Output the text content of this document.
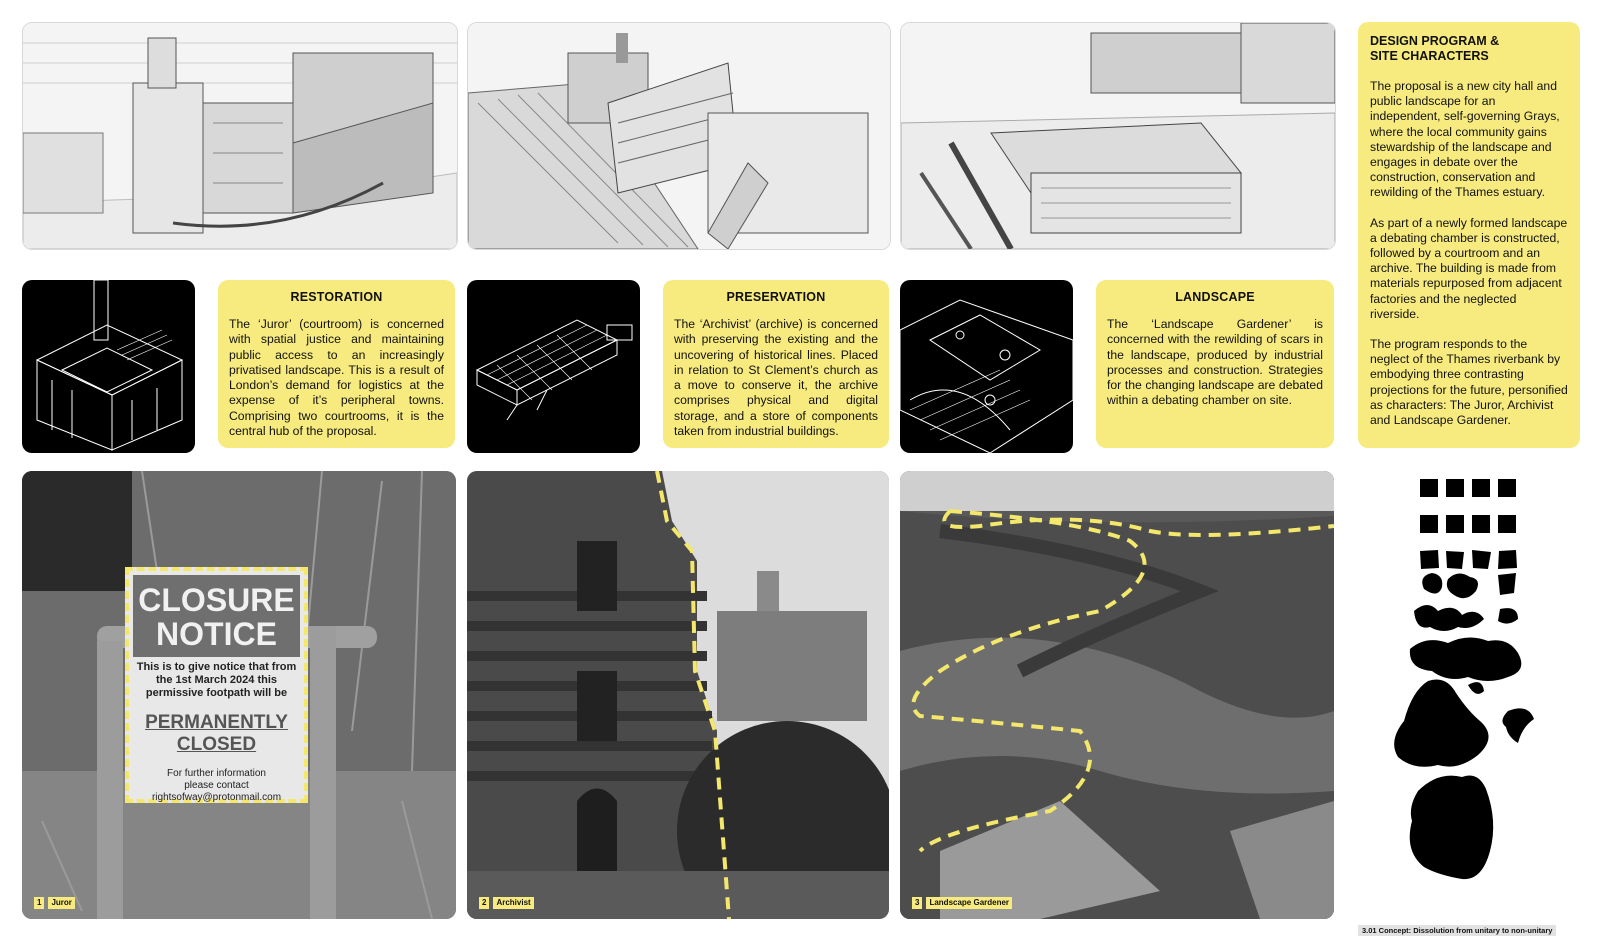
DESIGN PROGRAM & SITE CHARACTERS

The proposal is a new city hall and public landscape for an independent, self-governing Grays, where the local community gains stewardship of the landscape and engages in debate over the construction, conservation and rewilding of the Thames estuary.

As part of a newly formed landscape a debating chamber is constructed, followed by a courtroom and an archive. The building is made from materials repurposed from adjacent factories and the neglected riverside.

The program responds to the neglect of the Thames riverbank by embodying three contrasting projections for the future, personified as characters: The Juror, Archivist and Landscape Gardener.

RESTORATION

The ‘Juror’ (courtroom) is concerned with spatial justice and maintaining public access to an increasingly privatised landscape. This is a result of London’s demand for logistics at the expense of it’s peripheral towns. Comprising two courtrooms, it is the central hub of the proposal.

PRESERVATION

The ‘Archivist’ (archive) is concerned with preserving the existing and the uncovering of historical lines. Placed in relation to St Clement’s church as a move to conserve it, the archive comprises physical and digital storage, and a store of components taken from industrial buildings.

LANDSCAPE

The ‘Landscape Gardener’ is concerned with the rewilding of scars in the landscape, produced by industrial processes and construction. Strategies for the changing landscape are debated within a debating chamber on site.

CLOSURE
NOTICE
This is to give notice that from
the 1st March 2024 this
permissive footpath will be
PERMANENTLY
CLOSED
For further information
please contact
rightsofway@protonmail.com
1	Juror	2	Archivist	3	Landscape Gardener
3.01 Concept: Dissolution from unitary to non-unitary
